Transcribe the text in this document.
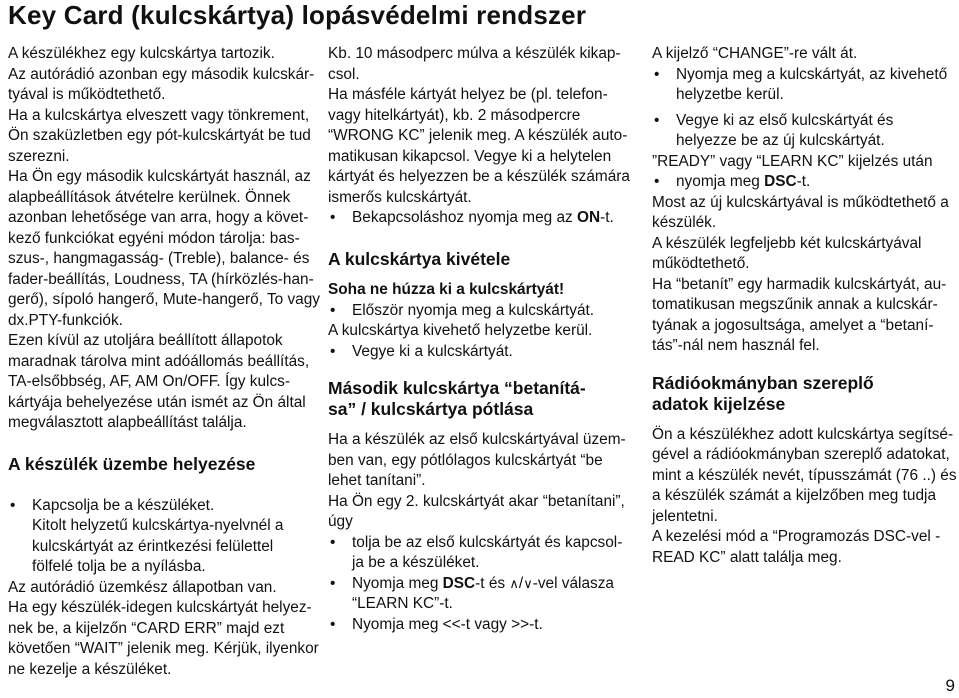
Key Card (kulcskártya) lopásvédelmi rendszer
A készülékhez egy kulcskártya tartozik.
Az autórádió azonban egy második kulcskár-
tyával is működtethető.
Ha a kulcskártya elveszett vagy tönkrement,
Ön szaküzletben egy pót-kulcskártyát be tud
szerezni.
Ha Ön egy második kulcskártyát használ, az
alapbeállítások átvételre kerülnek. Önnek
azonban lehetősége van arra, hogy a követ-
kező funkciókat egyéni módon tárolja: bas-
szus-, hangmagasság- (Treble), balance- és
fader-beállítás, Loudness, TA (hírközlés-han-
gerő), sípoló hangerő, Mute-hangerő, To vagy
dx.PTY-funkciók.
Ezen kívül az utoljára beállított állapotok
maradnak tárolva mint adóállomás beállítás,
TA-elsőbbség, AF, AM On/OFF. Így kulcs-
kártyája behelyezése után ismét az Ön által
megválasztott alapbeállítást találja.
A készülék üzembe helyezése
• Kapcsolja be a készüléket.
Kitolt helyzetű kulcskártya-nyelvnél a
kulcskártyát az érintkezési felülettel
fölfelé tolja be a nyílásba.
Az autórádió üzemkész állapotban van.
Ha egy készülék-idegen kulcskártyát helyez-
nek be, a kijelzőn “CARD ERR” majd ezt
követően “WAIT” jelenik meg. Kérjük, ilyenkor
ne kezelje a készüléket.
Kb. 10 másodperc múlva a készülék kikap-
csol.
Ha másféle kártyát helyez be (pl. telefon-
vagy hitelkártyát), kb. 2 másodpercre
“WRONG KC” jelenik meg. A készülék auto-
matikusan kikapcsol. Vegye ki a helytelen
kártyát és helyezzen be a készülék számára
ismerős kulcskártyát.
• Bekapcsoláshoz nyomja meg az ON-t.
A kulcskártya kivétele
Soha ne húzza ki a kulcskártyát!
• Először nyomja meg a kulcskártyát.
A kulcskártya kivehető helyzetbe kerül.
• Vegye ki a kulcskártyát.
Második kulcskártya “betanítá-
sa” / kulcskártya pótlása
Ha a készülék az első kulcskártyával üzem-
ben van, egy pótlólagos kulcskártyát “be
lehet tanítani”.
Ha Ön egy 2. kulcskártyát akar “betanítani”,
úgy
• tolja be az első kulcskártyát és kapcsol-
ja be a készüléket.
• Nyomja meg DSC-t és ∧/∨-vel válasza
“LEARN KC”-t.
• Nyomja meg <<-t vagy >>-t.
A kijelző “CHANGE”-re vált át.
• Nyomja meg a kulcskártyát, az kivehető
helyzetbe kerül.
• Vegye ki az első kulcskártyát és
helyezze be az új kulcskártyát.
”READY” vagy “LEARN KC” kijelzés után
• nyomja meg DSC-t.
Most az új kulcskártyával is működtethető a
készülék.
A készülék legfeljebb két kulcskártyával
működtethető.
Ha “betanít” egy harmadik kulcskártyát, au-
tomatikusan megszűnik annak a kulcskár-
tyának a jogosultsága, amelyet a “betaní-
tás”-nál nem használ fel.
Rádióokmányban szereplő
adatok kijelzése
Ön a készülékhez adott kulcskártya segítsé-
gével a rádióokmányban szereplő adatokat,
mint a készülék nevét, típusszámát (76 ..) és
a készülék számát a kijelzőben meg tudja
jelentetni.
A kezelési mód a “Programozás DSC-vel -
READ KC” alatt találja meg.
9
